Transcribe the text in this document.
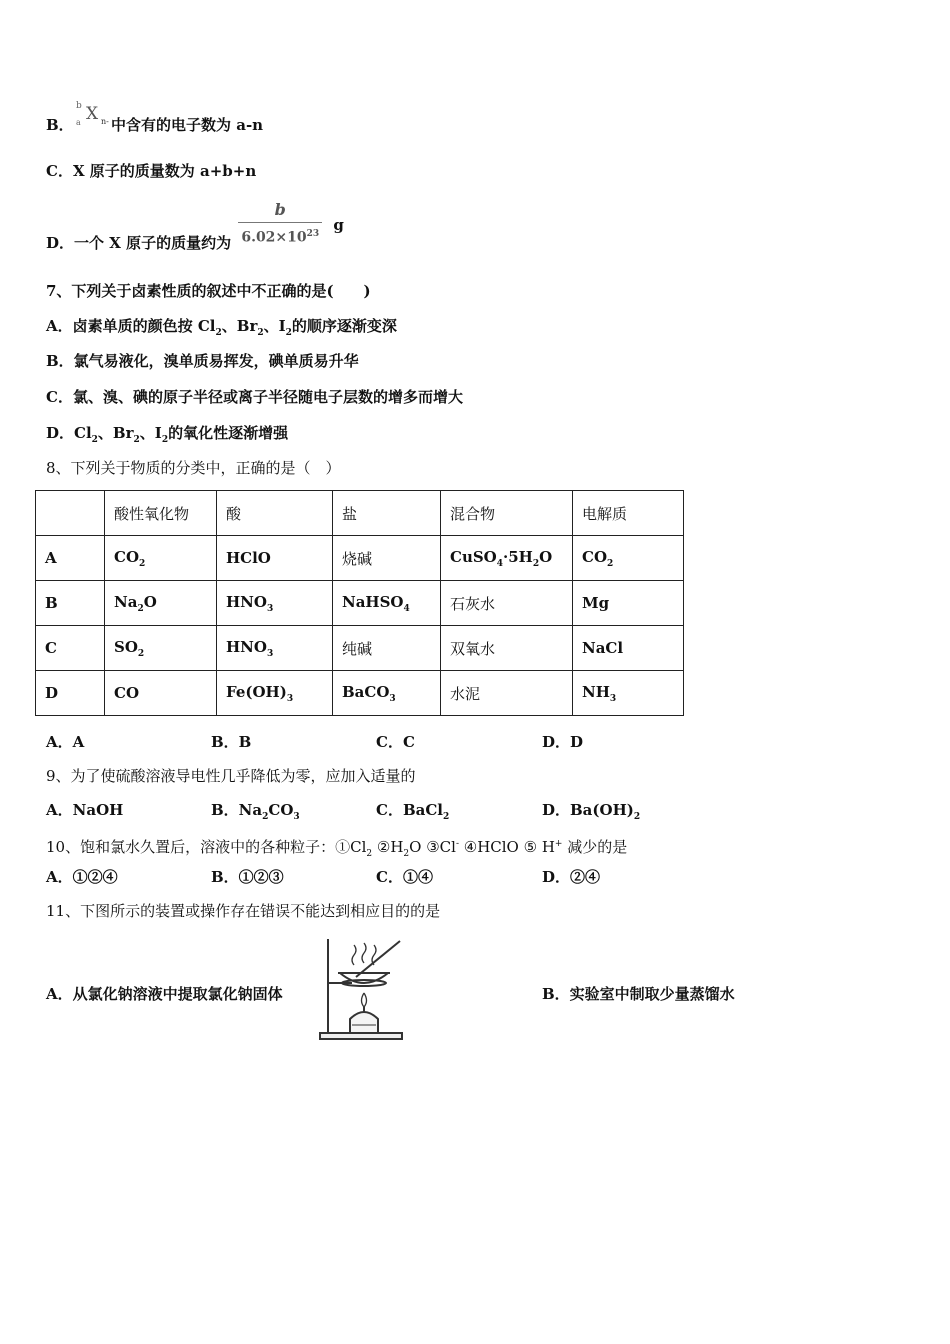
B．
b
a X n- 中含有的电子数为 a-n
C．X 原子的质量数为 a+b+n
D．一个 X 原子的质量约为 $\frac{b}{6.02\times 10^{23}}$ g
7、下列关于卤素性质的叙述中不正确的是(　　)
A．卤素单质的颜色按 $Cl_2$、$Br_2$、$I_2$的顺序逐渐变深
B．氯气易液化，溴单质易挥发，碘单质易升华
C．氯、溴、碘的原子半径或离子半径随电子层数的增多而增大
D．$Cl_2$、$Br_2$、$I_2$的氧化性逐渐增强
8、下列关于物质的分类中，正确的是（　）
	酸性氧化物	酸	盐	混合物	电解质
A	$CO_2$	HClO	烧碱	$CuSO_4\cdot 5H_2O$	$CO_2$
B	$Na_2O$	$HNO_3$	NaHSO$_4$	石灰水	Mg
C	$SO_2$	$HNO_3$	纯碱	双氧水	NaCl
D	CO	$Fe(OH)_3$	BaCO$_3$	水泥	$NH_3$
A．A	B．B	C．C	D．D
9、为了使硫酸溶液导电性几乎降低为零，应加入适量的
A．NaOH	B．$Na_2CO_3$	C．BaCl$_2$	D．$Ba(OH)_2$
10、饱和氯水久置后，溶液中的各种粒子：$①Cl_2$ $②H_2O$ ③Cl- ④HClO ⑤ H+ 减少的是
A．①②④	B．①②③	C．①④	D．②④
11、下图所示的装置或操作存在错误不能达到相应目的的是
A．从氯化钠溶液中提取氯化钠固体	B．实验室中制取少量蒸馏水
